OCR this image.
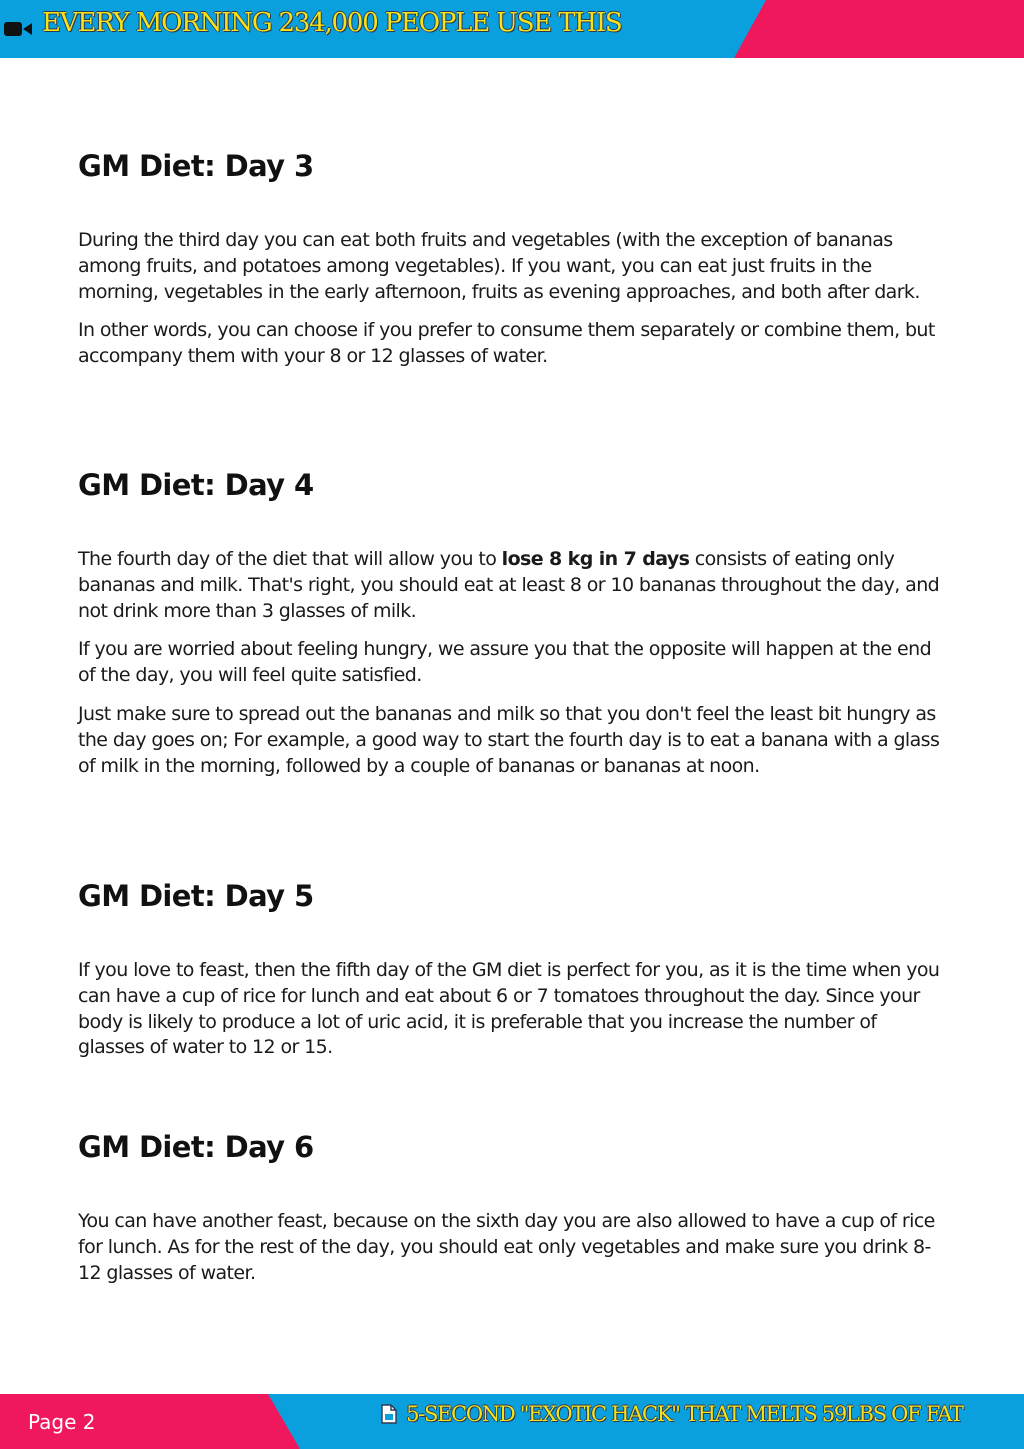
EVERY MORNING 234,000 PEOPLE USE THIS
GM Diet: Day 3

During the third day you can eat both fruits and vegetables (with the exception of bananas among fruits, and potatoes among vegetables). If you want, you can eat just fruits in the morning, vegetables in the early afternoon, fruits as evening approaches, and both after dark.

In other words, you can choose if you prefer to consume them separately or combine them, but accompany them with your 8 or 12 glasses of water.

GM Diet: Day 4

The fourth day of the diet that will allow you to lose 8 kg in 7 days consists of eating only bananas and milk. That's right, you should eat at least 8 or 10 bananas throughout the day, and not drink more than 3 glasses of milk.

If you are worried about feeling hungry, we assure you that the opposite will happen at the end of the day, you will feel quite satisfied.

Just make sure to spread out the bananas and milk so that you don't feel the least bit hungry as the day goes on; For example, a good way to start the fourth day is to eat a banana with a glass of milk in the morning, followed by a couple of bananas or bananas at noon.

GM Diet: Day 5

If you love to feast, then the fifth day of the GM diet is perfect for you, as it is the time when you can have a cup of rice for lunch and eat about 6 or 7 tomatoes throughout the day. Since your body is likely to produce a lot of uric acid, it is preferable that you increase the number of glasses of water to 12 or 15.

GM Diet: Day 6

You can have another feast, because on the sixth day you are also allowed to have a cup of rice for lunch. As for the rest of the day, you should eat only vegetables and make sure you drink 8-12 glasses of water.

Page 2	5-SECOND "EXOTIC HACK" THAT MELTS 59LBS OF FAT
